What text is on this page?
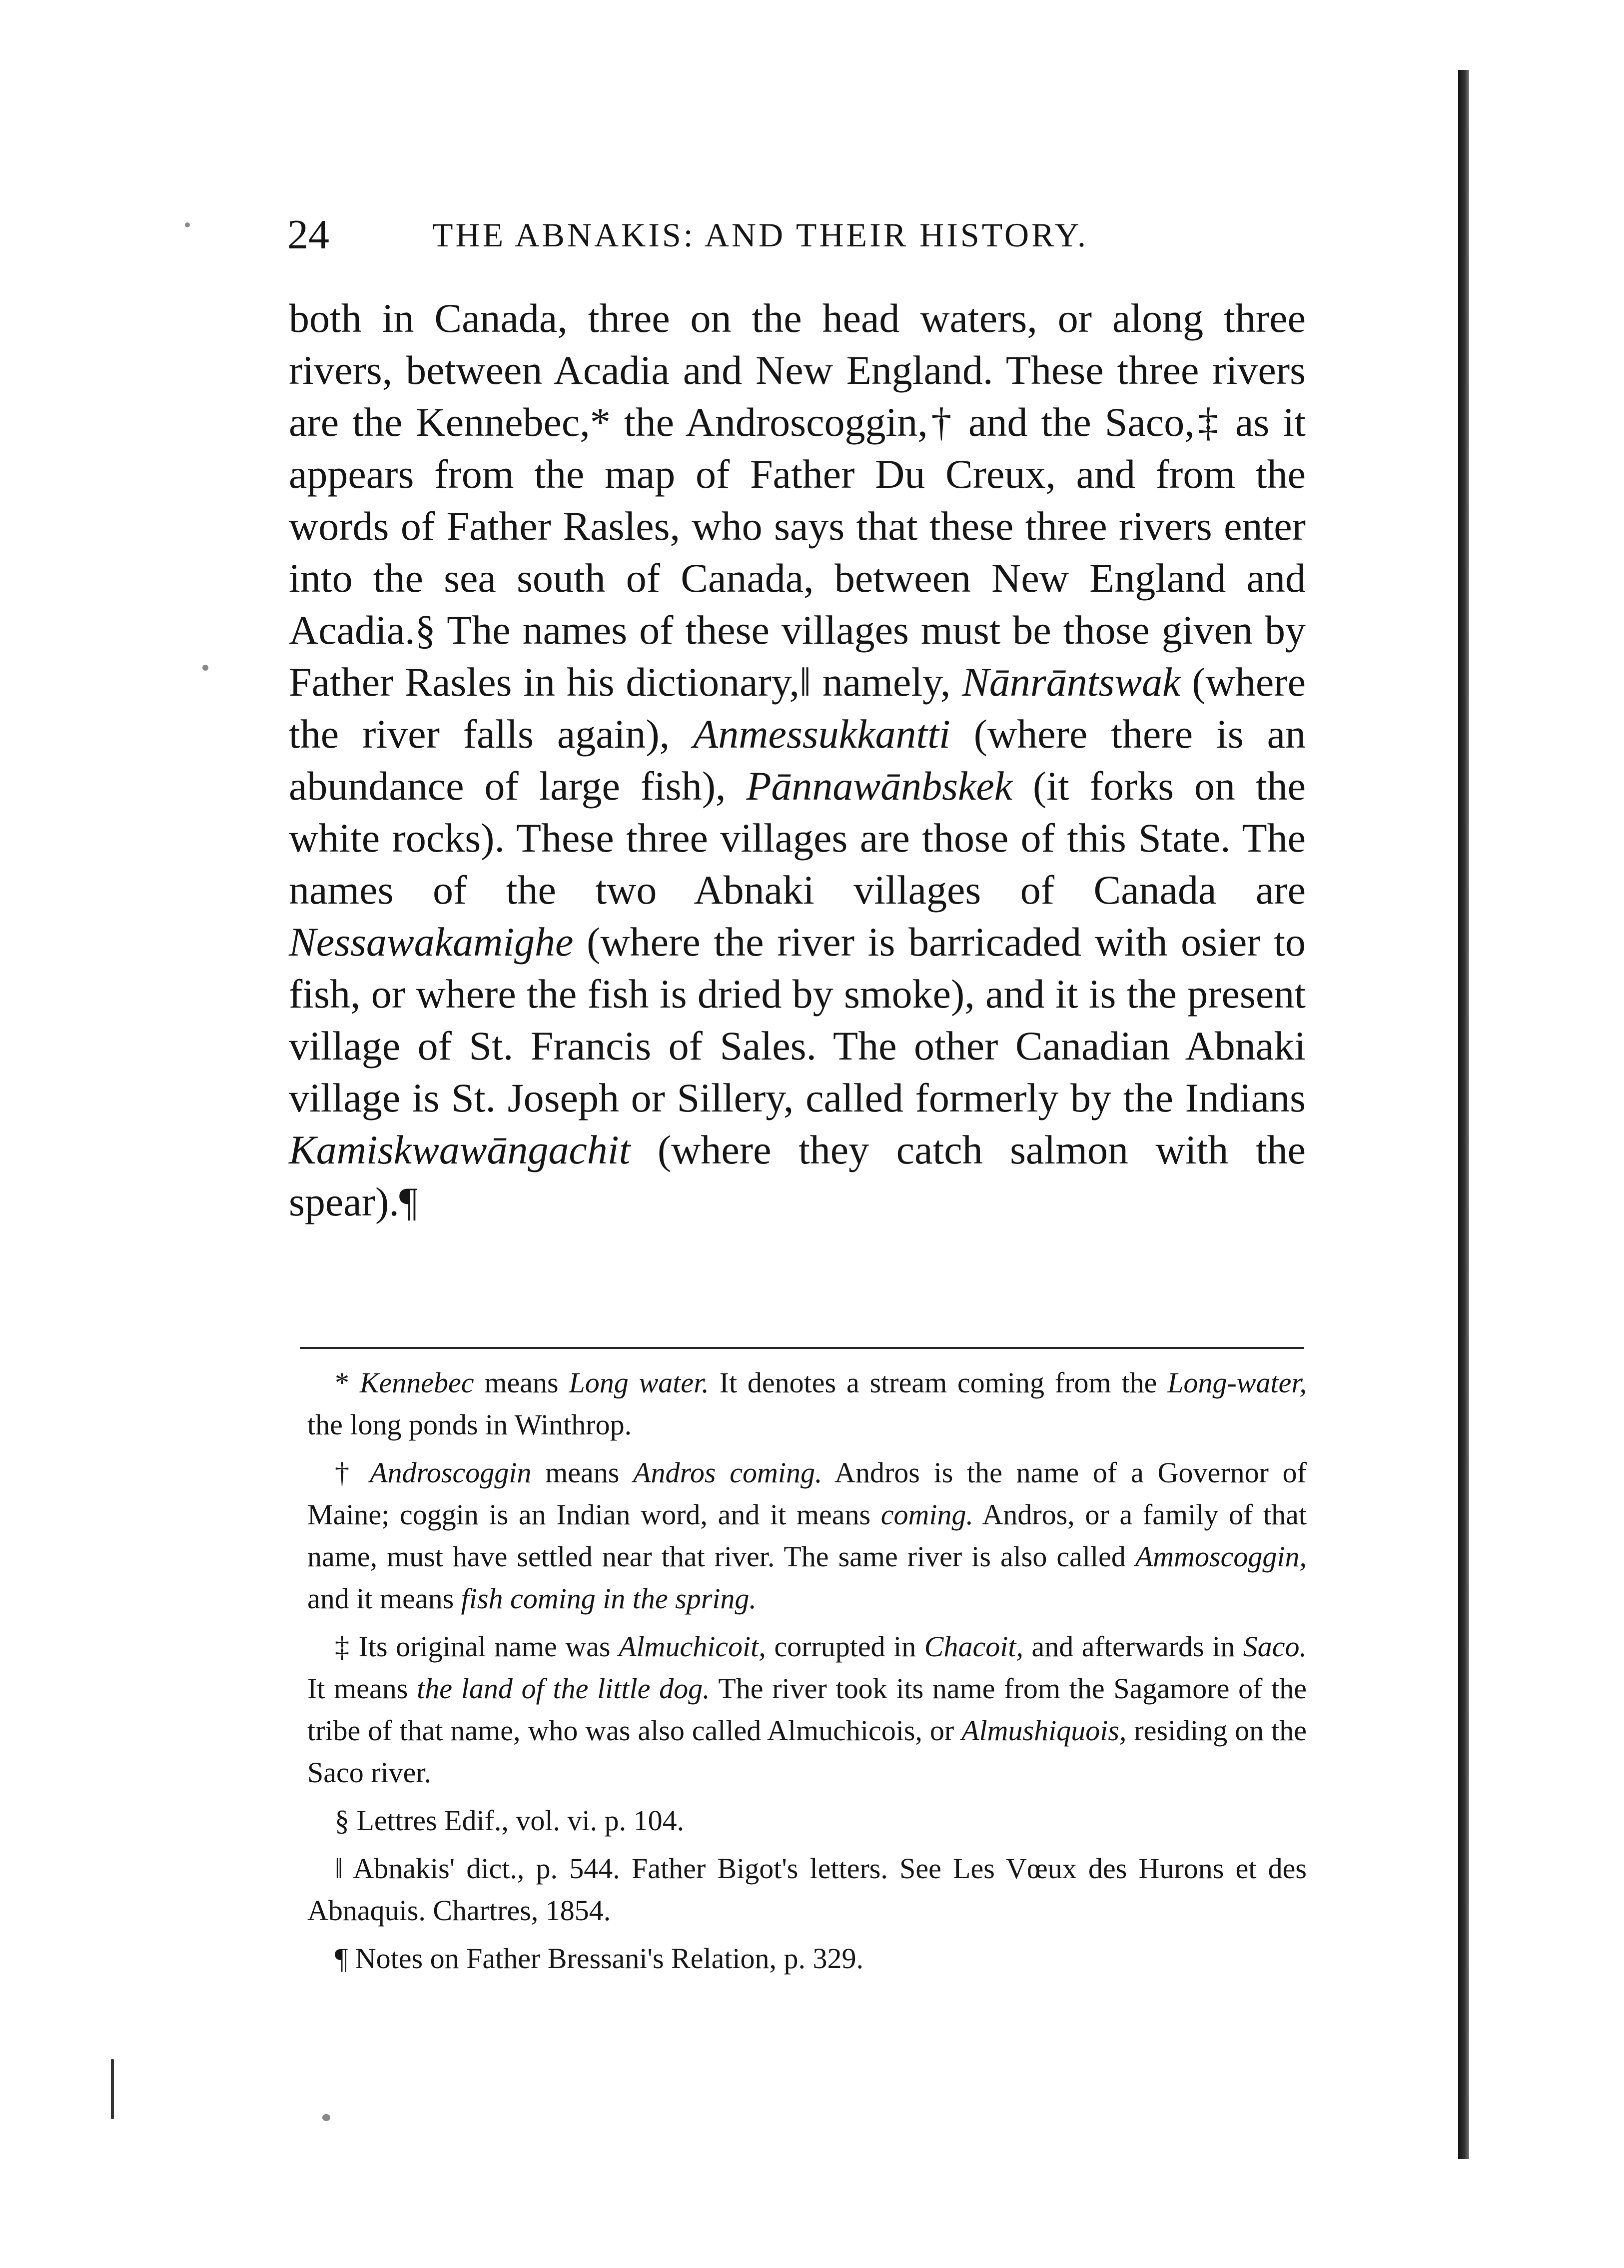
24	THE ABNAKIS: AND THEIR HISTORY.

both in Canada, three on the head waters, or along three rivers, between Acadia and New England. These three rivers are the Kennebec,* the Androscoggin,† and the Saco,‡ as it appears from the map of Father Du Creux, and from the words of Father Rasles, who says that these three rivers enter into the sea south of Canada, between New England and Acadia.§ The names of these villages must be those given by Father Rasles in his dictionary,‖ namely, Nānrāntswak (where the river falls again), Anmessukkantti (where there is an abundance of large fish), Pānnawānbskek (it forks on the white rocks). These three villages are those of this State. The names of the two Abnaki villages of Canada are Nessawakamighe (where the river is barricaded with osier to fish, or where the fish is dried by smoke), and it is the present village of St. Francis of Sales. The other Canadian Abnaki village is St. Joseph or Sillery, called formerly by the Indians Kamiskwawāngachit (where they catch salmon with the spear).¶

* Kennebec means Long water. It denotes a stream coming from the Long-water, the long ponds in Winthrop.

† Androscoggin means Andros coming. Andros is the name of a Governor of Maine; coggin is an Indian word, and it means coming. Andros, or a family of that name, must have settled near that river. The same river is also called Ammoscoggin, and it means fish coming in the spring.

‡ Its original name was Almuchicoit, corrupted in Chacoit, and afterwards in Saco. It means the land of the little dog. The river took its name from the Sagamore of the tribe of that name, who was also called Almuchicois, or Almushiquois, residing on the Saco river.

§ Lettres Edif., vol. vi. p. 104.

‖ Abnakis' dict., p. 544. Father Bigot's letters. See Les Vœux des Hurons et des Abnaquis. Chartres, 1854.

¶ Notes on Father Bressani's Relation, p. 329.
